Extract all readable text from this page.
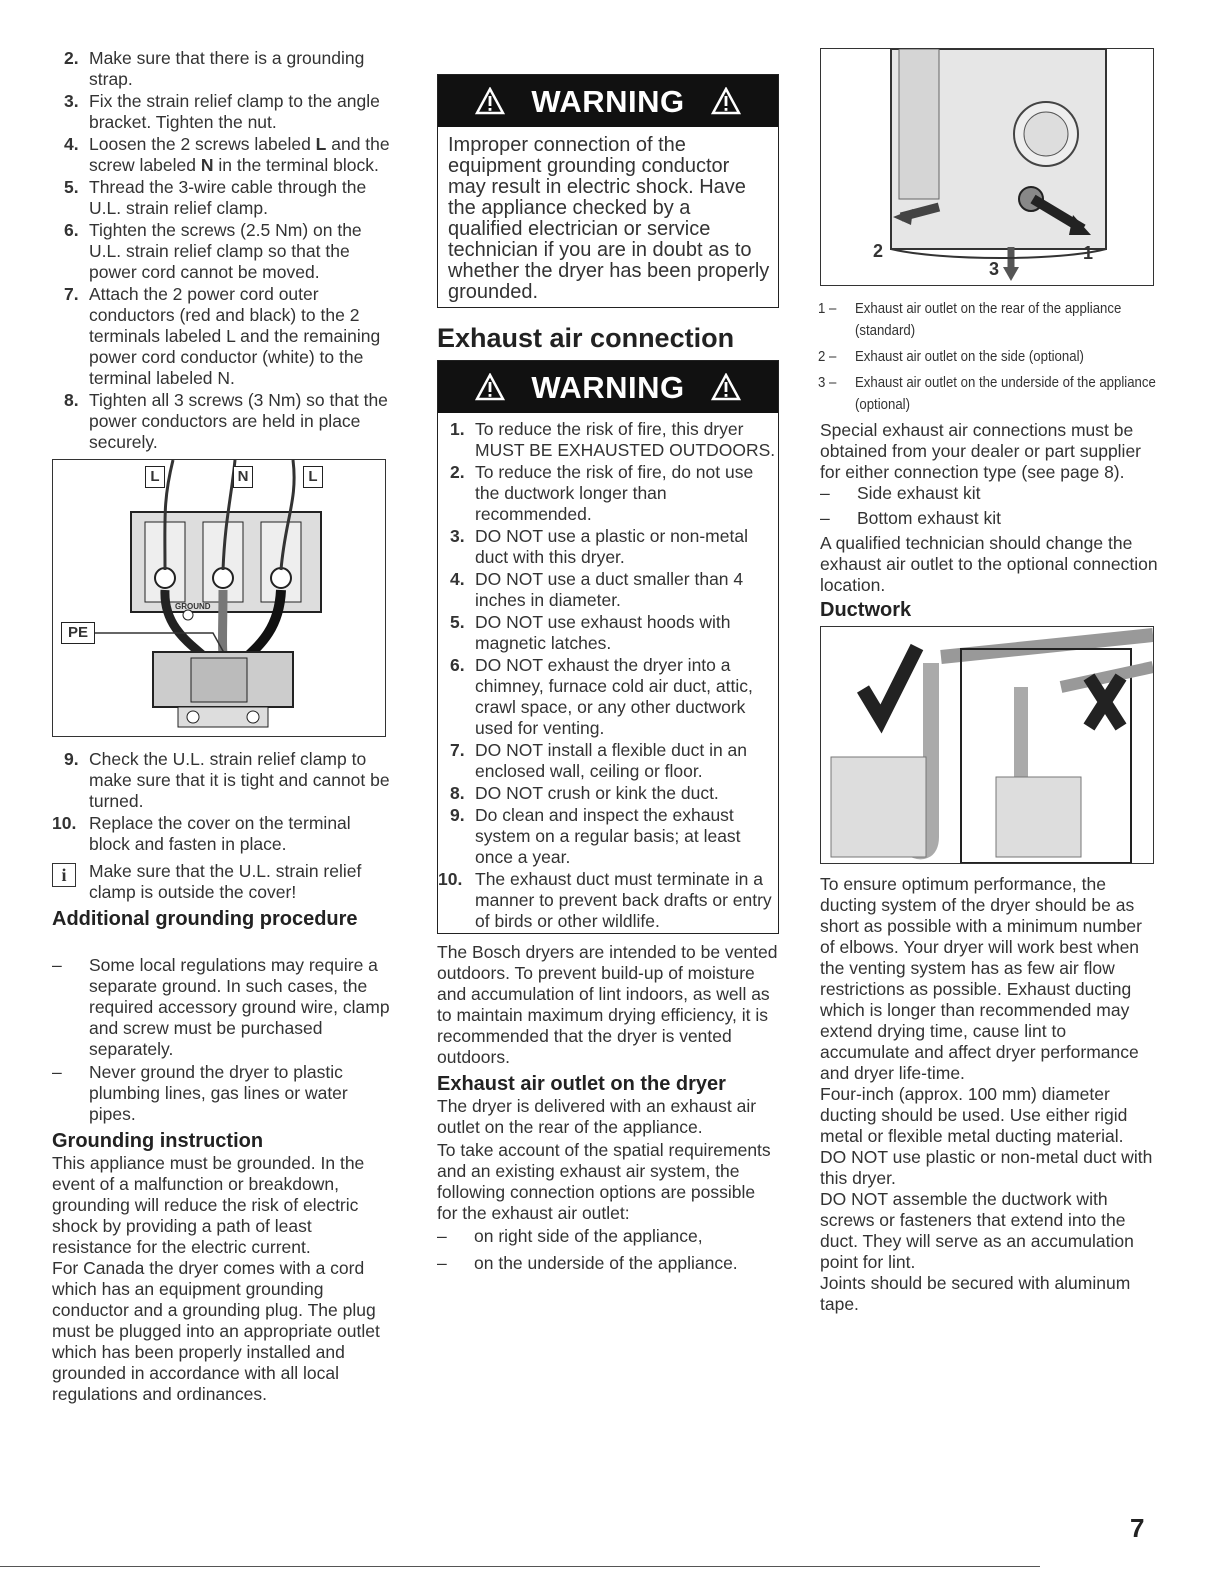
2. Make sure that there is a grounding strap.
3. Fix the strain relief clamp to the angle bracket. Tighten the nut.
4. Loosen the 2 screws labeled L and the screw labeled N in the terminal block.
5. Thread the 3-wire cable through the U.L. strain relief clamp.
6. Tighten the screws (2.5 Nm) on the U.L. strain relief clamp so that the power cord cannot be moved.
7. Attach the 2 power cord outer conductors (red and black) to the 2 terminals labeled L and the remaining power cord conductor (white) to the terminal labeled N.
8. Tighten all 3 screws (3 Nm) so that the power conductors are held in place securely.
L	N	L
PE
GROUND
9. Check the U.L. strain relief clamp to make sure that it is tight and cannot be turned.
10. Replace the cover on the terminal block and fasten in place.
i	Make sure that the U.L. strain relief clamp is outside the cover!
Additional grounding procedure
– Some local regulations may require a separate ground. In such cases, the required accessory ground wire, clamp and screw must be purchased separately.
– Never ground the dryer to plastic plumbing lines, gas lines or water pipes.
Grounding instruction

This appliance must be grounded. In the event of a malfunction or breakdown, grounding will reduce the risk of electric shock by providing a path of least resistance for the electric current.

For Canada the dryer comes with a cord which has an equipment grounding conductor and a grounding plug. The plug must be plugged into an appropriate outlet which has been properly installed and grounded in accordance with all local regulations and ordinances.

WARNING
Improper connection of the equipment grounding conductor may result in electric shock. Have the appliance checked by a qualified electrician or service technician if you are in doubt as to whether the dryer has been properly grounded.
Exhaust air connection
WARNING
1. To reduce the risk of fire, this dryer MUST BE EXHAUSTED OUTDOORS.
2. To reduce the risk of fire, do not use the ductwork longer than recommended.
3. DO NOT use a plastic or non-metal duct with this dryer.
4. DO NOT use a duct smaller than 4 inches in diameter.
5. DO NOT use exhaust hoods with magnetic latches.
6. DO NOT exhaust the dryer into a chimney, furnace cold air duct, attic, crawl space, or any other ductwork used for venting.
7. DO NOT install a flexible duct in an enclosed wall, ceiling or floor.
8. DO NOT crush or kink the duct.
9. Do clean and inspect the exhaust system on a regular basis; at least once a year.
10. The exhaust duct must terminate in a manner to prevent back drafts or entry of birds or other wildlife.

The Bosch dryers are intended to be vented outdoors. To prevent build-up of moisture and accumulation of lint indoors, as well as to maintain maximum drying efficiency, it is recommended that the dryer is vented outdoors.

Exhaust air outlet on the dryer

The dryer is delivered with an exhaust air outlet on the rear of the appliance.

To take account of the spatial requirements and an existing exhaust air system, the following connection options are possible for the exhaust air outlet:

– on right side of the appliance,
– on the underside of the appliance.
2
3
1
1 – Exhaust air outlet on the rear of the appliance (standard)
2 – Exhaust air outlet on the side (optional)
3 – Exhaust air outlet on the underside of the appliance (optional)

Special exhaust air connections must be obtained from your dealer or part supplier for either connection type (see page 8).

– Side exhaust kit
– Bottom exhaust kit

A qualified technician should change the exhaust air outlet to the optional connection location.

Ductwork

To ensure optimum performance, the ducting system of the dryer should be as short as possible with a minimum number of elbows. Your dryer will work best when the venting system has as few air flow restrictions as possible. Exhaust ducting which is longer than recommended may extend drying time, cause lint to accumulate and affect dryer performance and dryer life-time.

Four-inch (approx. 100 mm) diameter ducting should be used. Use either rigid metal or flexible metal ducting material.

DO NOT use plastic or non-metal duct with this dryer.

DO NOT assemble the ductwork with screws or fasteners that extend into the duct. They will serve as an accumulation point for lint.

Joints should be secured with aluminum tape.

7
